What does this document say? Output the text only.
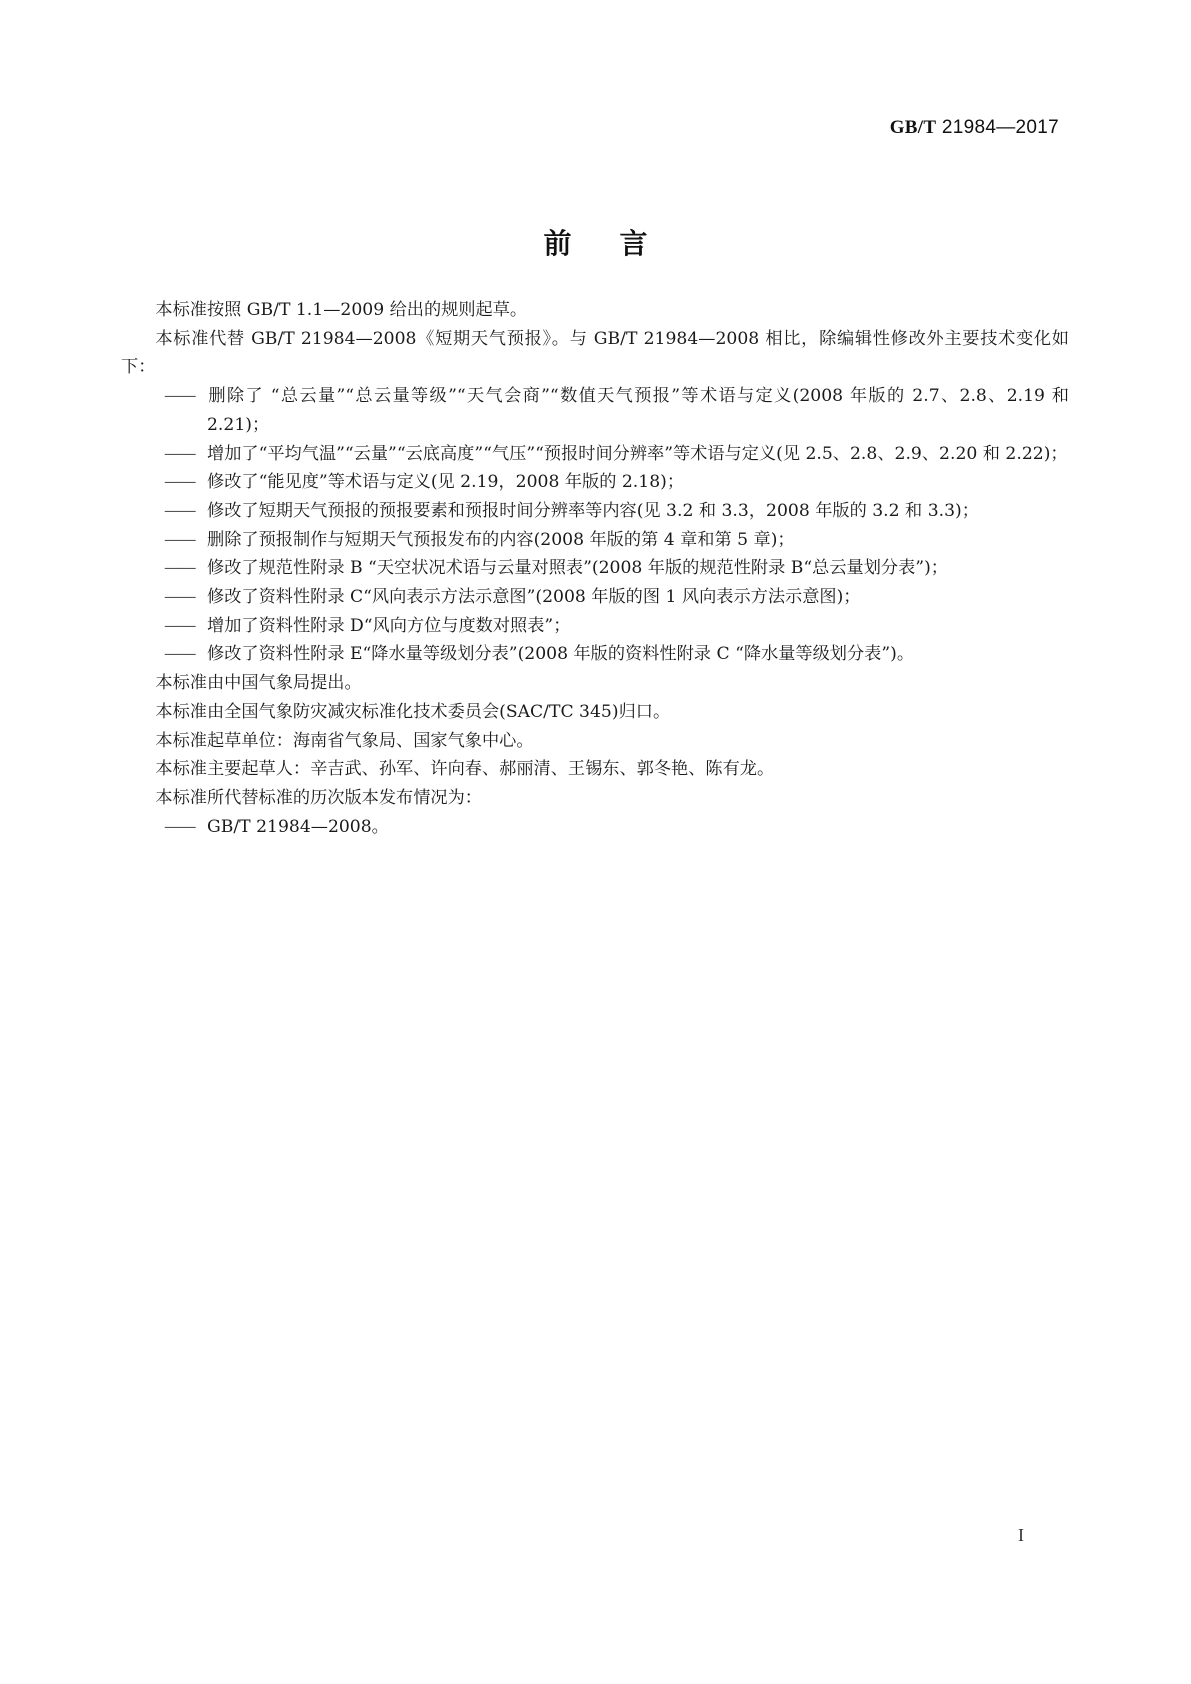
GB/T 21984—2017
前言

本标准按照 GB/T 1.1—2009 给出的规则起草。

本标准代替 GB/T 21984—2008《短期天气预报》。与 GB/T 21984—2008 相比，除编辑性修改外主要技术变化如下：

—— 删除了 “总云量”“总云量等级”“天气会商”“数值天气预报”等术语与定义(2008 年版的 2.7、2.8、2.19 和 2.21)；

—— 增加了“平均气温”“云量”“云底高度”“气压”“预报时间分辨率”等术语与定义(见 2.5、2.8、2.9、2.20 和 2.22)；

—— 修改了“能见度”等术语与定义(见 2.19，2008 年版的 2.18)；

—— 修改了短期天气预报的预报要素和预报时间分辨率等内容(见 3.2 和 3.3，2008 年版的 3.2 和 3.3)；

—— 删除了预报制作与短期天气预报发布的内容(2008 年版的第 4 章和第 5 章)；

—— 修改了规范性附录 B “天空状况术语与云量对照表”(2008 年版的规范性附录 B“总云量划分表”)；

—— 修改了资料性附录 C“风向表示方法示意图”(2008 年版的图 1 风向表示方法示意图)；

—— 增加了资料性附录 D“风向方位与度数对照表”；

—— 修改了资料性附录 E“降水量等级划分表”(2008 年版的资料性附录 C “降水量等级划分表”)。

本标准由中国气象局提出。

本标准由全国气象防灾减灾标准化技术委员会(SAC/TC 345)归口。

本标准起草单位：海南省气象局、国家气象中心。

本标准主要起草人：辛吉武、孙军、许向春、郝丽清、王锡东、郭冬艳、陈有龙。

本标准所代替标准的历次版本发布情况为：

—— GB/T 21984—2008。

I
